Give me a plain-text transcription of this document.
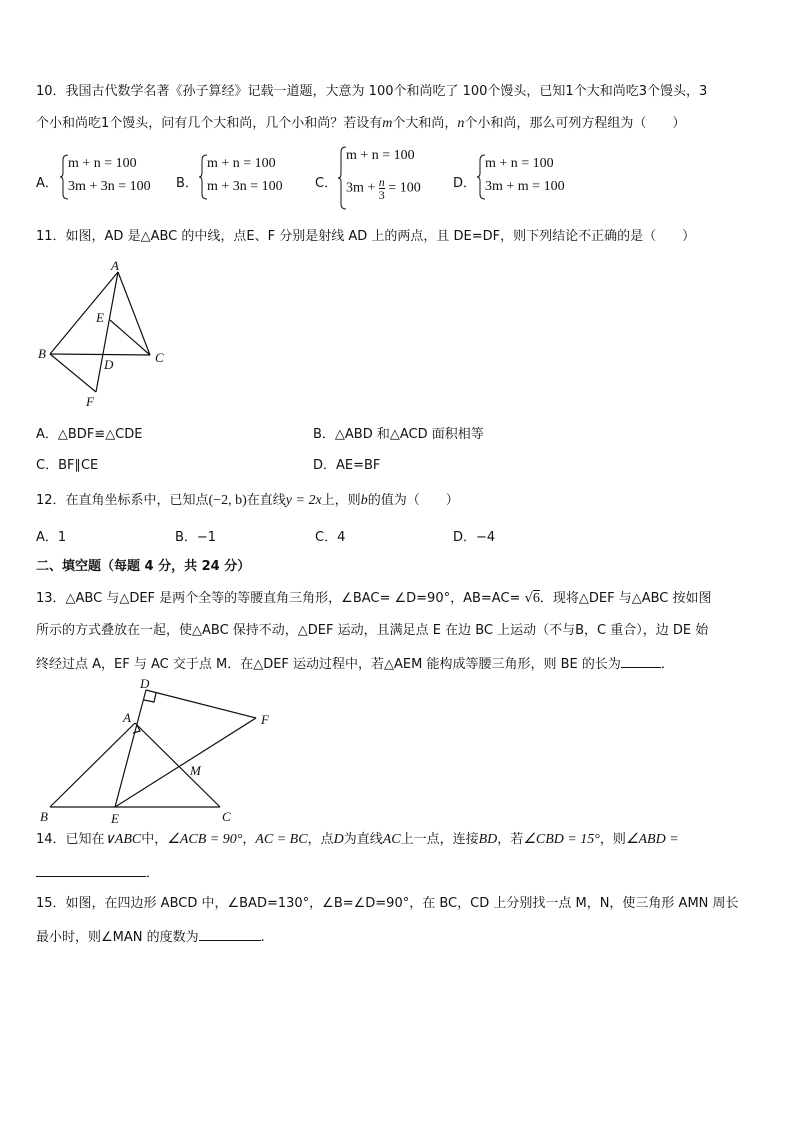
10．我国古代数学名著《孙子算经》记载一道题，大意为 100个和尚吃了 100个馒头，已知1个大和尚吃3个馒头，3
个小和尚吃1个馒头，问有几个大和尚，几个小和尚？若设有m个大和尚，n个小和尚，那么可列方程组为（　　）
A．
m + n = 100
3m + 3n = 100 B．
m + n = 100
m + 3n = 100 C．
m + n = 100
$3m + \frac{n}{3} = 100$ D．
m + n = 100
3m + m = 100
11．如图，AD 是△ABC 的中线，点E、F 分别是射线 AD 上的两点，且 DE=DF，则下列结论不正确的是（　　）
A
E
B	C
D
F
A．△BDF≌△CDE	B．△ABD 和△ACD 面积相等
C．BF∥CE	D．AE=BF
12．在直角坐标系中，已知点(−2, b)在直线y = 2x上，则b的值为（　　）
A．1	B．−1	C．4	D．−4
二、填空题（每题 4 分，共 24 分）
13．△ABC 与△DEF 是两个全等的等腰直角三角形，∠BAC= ∠D=90°，AB=AC= √6．现将△DEF 与△ABC 按如图
所示的方式叠放在一起，使△ABC 保持不动，△DEF 运动，且满足点 E 在边 BC 上运动（不与B，C 重合），边 DE 始
终经过点 A，EF 与 AC 交于点 M．在△DEF 运动过程中，若△AEM 能构成等腰三角形，则 BE 的长为	．
D
A	F
M
B	E	C
14．已知在∨ABC中，∠ACB = 90°，AC = BC，点D为直线AC上一点，连接BD，若∠CBD = 15°，则∠ABD =
．
15．如图，在四边形 ABCD 中，∠BAD=130°，∠B=∠D=90°，在 BC，CD 上分别找一点 M，N，使三角形 AMN 周长
最小时，则∠MAN 的度数为	.
